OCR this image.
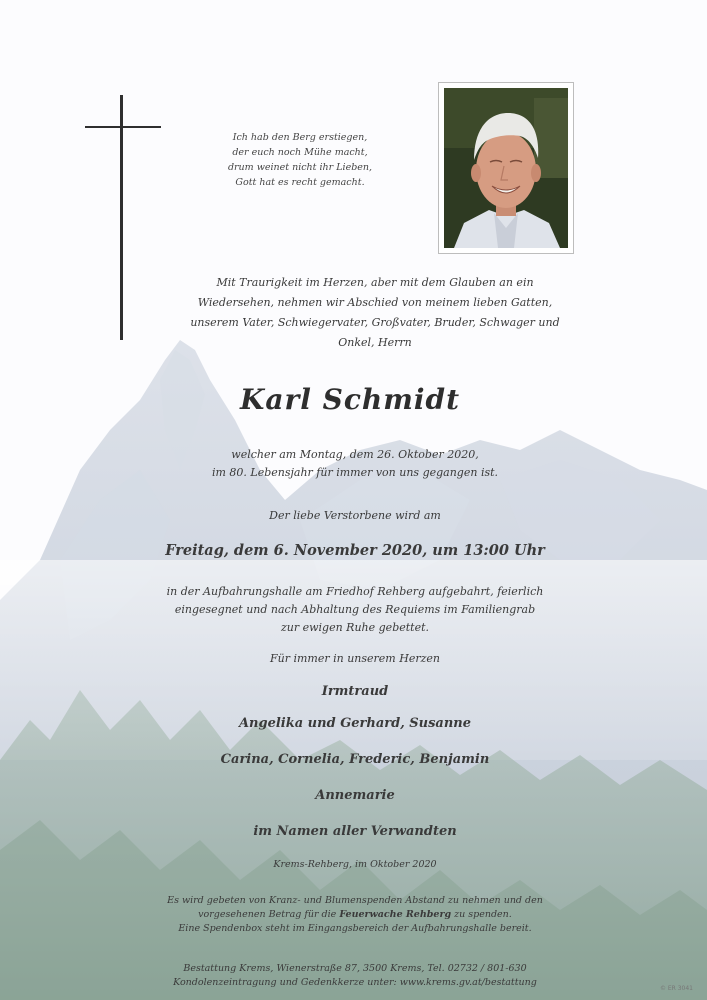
Ich hab den Berg erstiegen,
der euch noch Mühe macht,
drum weinet nicht ihr Lieben,
Gott hat es recht gemacht.
Mit Traurigkeit im Herzen, aber mit dem Glauben an ein
Wiedersehen, nehmen wir Abschied von meinem lieben Gatten,
unserem Vater, Schwiegervater, Großvater, Bruder, Schwager und
Onkel, Herrn
Karl Schmidt
welcher am Montag, dem 26. Oktober 2020,
im 80. Lebensjahr für immer von uns gegangen ist.
Der liebe Verstorbene wird am
Freitag, dem 6. November 2020, um 13:00 Uhr
in der Aufbahrungshalle am Friedhof Rehberg aufgebahrt, feierlich
eingesegnet und nach Abhaltung des Requiems im Familiengrab
zur ewigen Ruhe gebettet.
Für immer in unserem Herzen
Irmtraud
Angelika und Gerhard, Susanne
Carina, Cornelia, Frederic, Benjamin
Annemarie
im Namen aller Verwandten
Krems-Rehberg, im Oktober 2020
Es wird gebeten von Kranz- und Blumenspenden Abstand zu nehmen und den
vorgesehenen Betrag für die Feuerwache Rehberg zu spenden.
Eine Spendenbox steht im Eingangsbereich der Aufbahrungshalle bereit.
Bestattung Krems, Wienerstraße 87, 3500 Krems, Tel. 02732 / 801-630
Kondolenzeintragung und Gedenkkerze unter: www.krems.gv.at/bestattung
© ER 3041
